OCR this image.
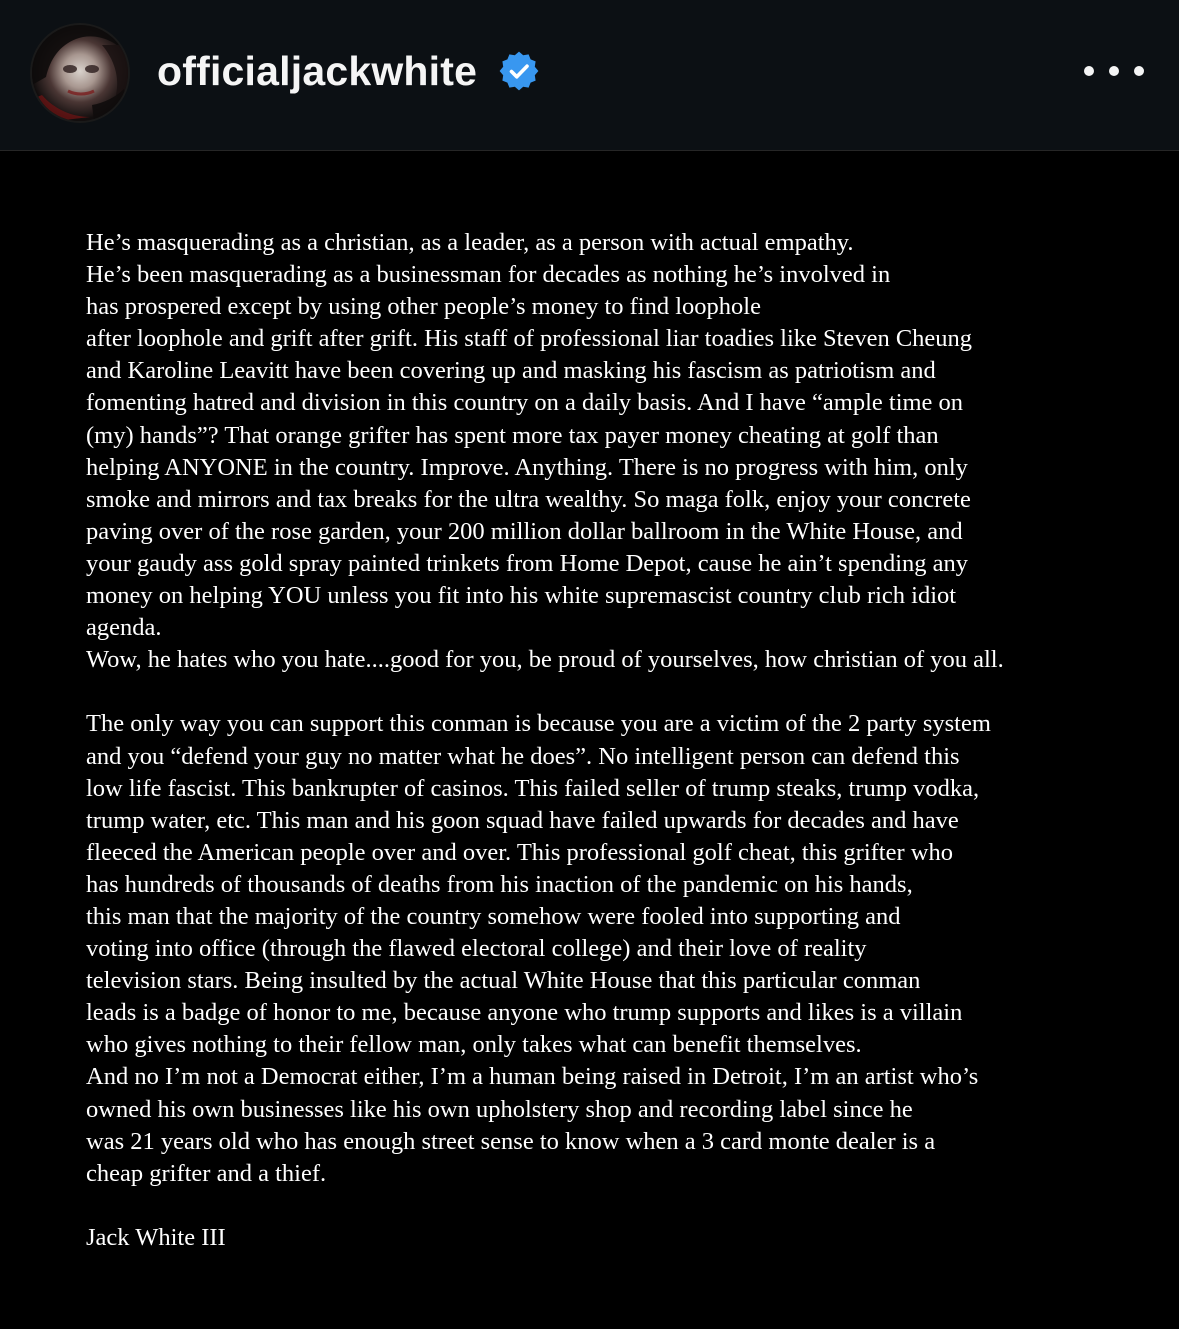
officialjackwhite
He’s masquerading as a christian, as a leader, as a person with actual empathy.
He’s been masquerading as a businessman for decades as nothing he’s involved in
has prospered except by using other people’s money to find loophole
after loophole and grift after grift. His staff of professional liar toadies like Steven Cheung
and Karoline Leavitt have been covering up and masking his fascism as patriotism and
fomenting hatred and division in this country on a daily basis. And I have “ample time on
(my) hands”? That orange grifter has spent more tax payer money cheating at golf than
helping ANYONE in the country. Improve. Anything. There is no progress with him, only
smoke and mirrors and tax breaks for the ultra wealthy. So maga folk, enjoy your concrete
paving over of the rose garden, your 200 million dollar ballroom in the White House, and
your gaudy ass gold spray painted trinkets from Home Depot, cause he ain’t spending any
money on helping YOU unless you fit into his white supremascist country club rich idiot
agenda.
Wow, he hates who you hate....good for you, be proud of yourselves, how christian of you all.
The only way you can support this conman is because you are a victim of the 2 party system
and you “defend your guy no matter what he does”. No intelligent person can defend this
low life fascist. This bankrupter of casinos. This failed seller of trump steaks, trump vodka,
trump water, etc. This man and his goon squad have failed upwards for decades and have
fleeced the American people over and over. This professional golf cheat, this grifter who
has hundreds of thousands of deaths from his inaction of the pandemic on his hands,
this man that the majority of the country somehow were fooled into supporting and
voting into office (through the flawed electoral college) and their love of reality
television stars. Being insulted by the actual White House that this particular conman
leads is a badge of honor to me, because anyone who trump supports and likes is a villain
who gives nothing to their fellow man, only takes what can benefit themselves.
And no I’m not a Democrat either, I’m a human being raised in Detroit, I’m an artist who’s
owned his own businesses like his own upholstery shop and recording label since he
was 21 years old who has enough street sense to know when a 3 card monte dealer is a
cheap grifter and a thief.
Jack White III
